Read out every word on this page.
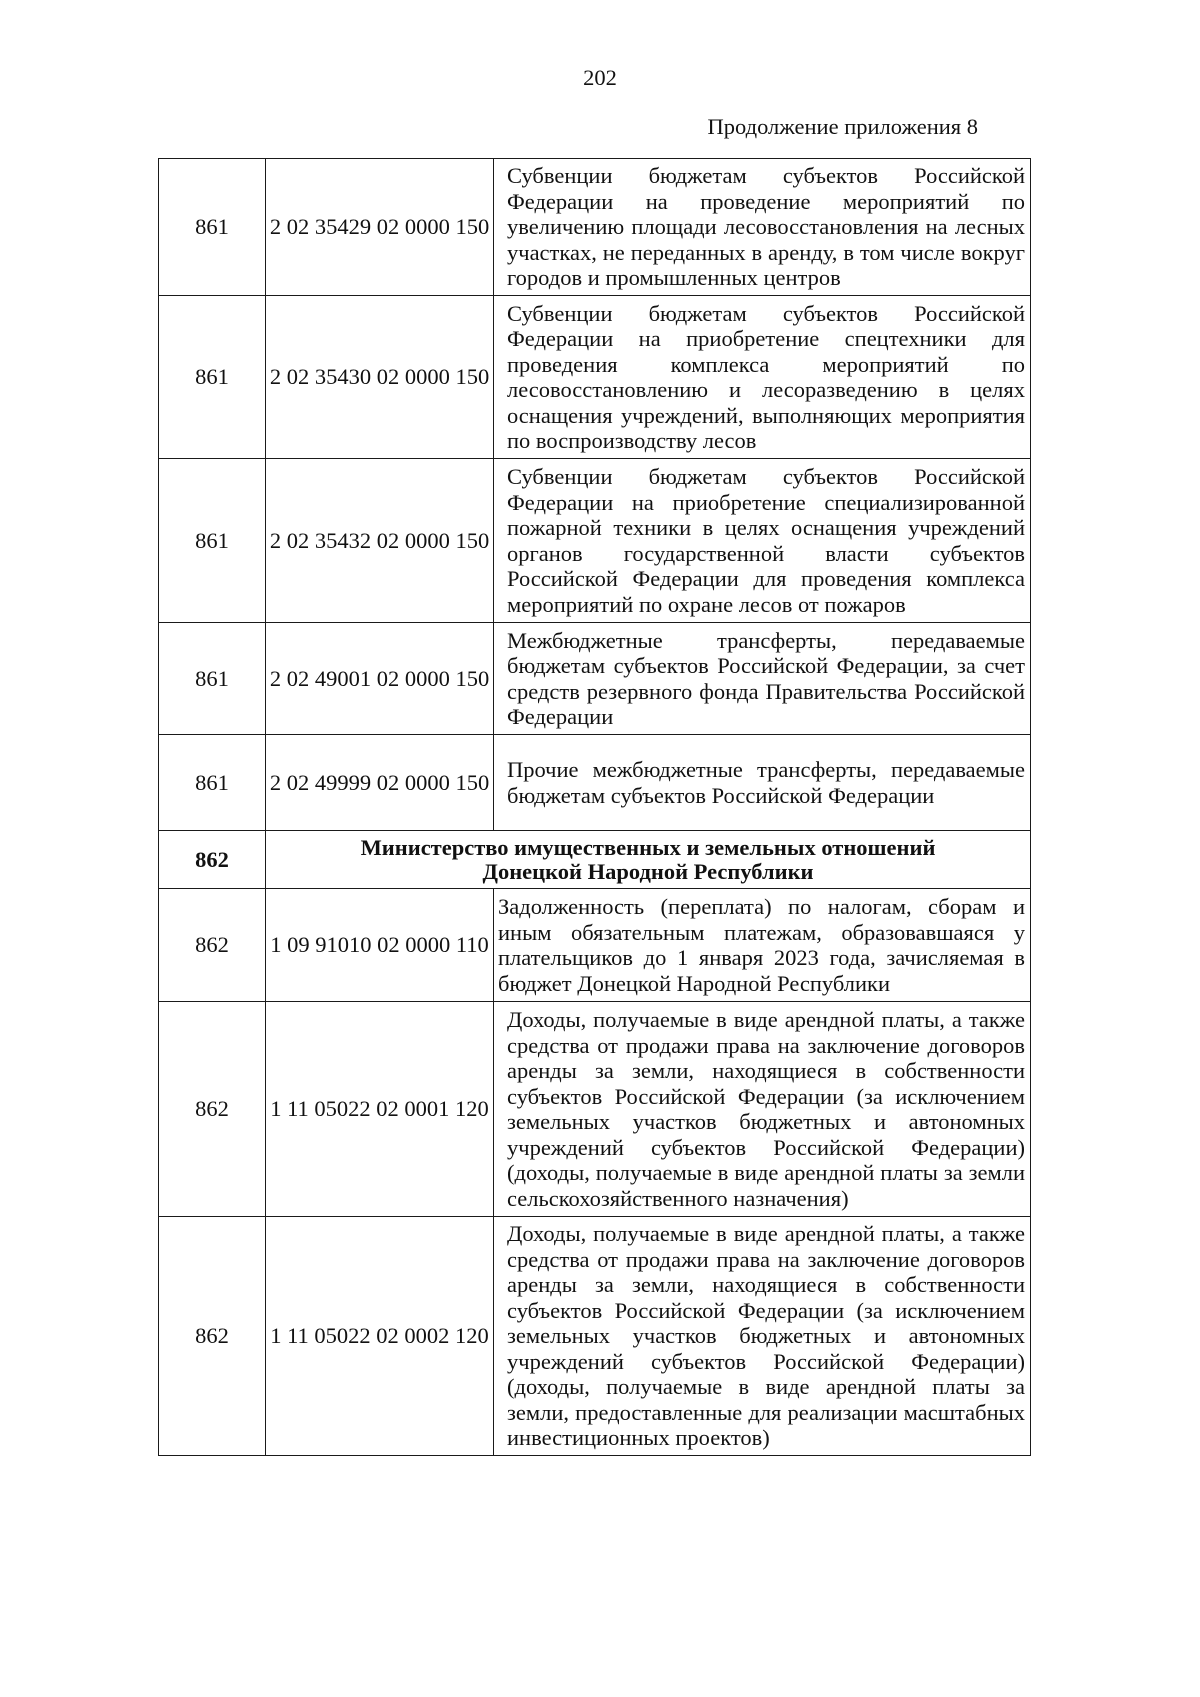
202
Продолжение приложения 8
861	2 02 35429 02 0000 150	Субвенции бюджетам субъектов Российской Федерации на проведение мероприятий по увеличению площади лесовосстановления на лесных участках, не переданных в аренду, в том числе вокруг городов и промышленных центров
861	2 02 35430 02 0000 150	Субвенции бюджетам субъектов Российской Федерации на приобретение спецтехники для проведения комплекса мероприятий по лесовосстановлению и лесоразведению в целях оснащения учреждений, выполняющих мероприятия по воспроизводству лесов
861	2 02 35432 02 0000 150	Субвенции бюджетам субъектов Российской Федерации на приобретение специализированной пожарной техники в целях оснащения учреждений органов государственной власти субъектов Российской Федерации для проведения комплекса мероприятий по охране лесов от пожаров
861	2 02 49001 02 0000 150	Межбюджетные трансферты, передаваемые бюджетам субъектов Российской Федерации, за счет средств резервного фонда Правительства Российской Федерации
861	2 02 49999 02 0000 150	Прочие межбюджетные трансферты, передаваемые бюджетам субъектов Российской Федерации
862	Министерство имущественных и земельных отношений
Донецкой Народной Республики	

862	1 09 91010 02 0000 110	Задолженность (переплата) по налогам, сборам и иным обязательным платежам, образовавшаяся у плательщиков до 1 января 2023 года, зачисляемая в бюджет Донецкой Народной Республики
862	1 11 05022 02 0001 120	Доходы, получаемые в виде арендной платы, а также средства от продажи права на заключение договоров аренды за земли, находящиеся в собственности субъектов Российской Федерации (за исключением земельных участков бюджетных и автономных учреждений субъектов Российской Федерации) (доходы, получаемые в виде арендной платы за земли сельскохозяйственного назначения)
862	1 11 05022 02 0002 120	Доходы, получаемые в виде арендной платы, а также средства от продажи права на заключение договоров аренды за земли, находящиеся в собственности субъектов Российской Федерации (за исключением земельных участков бюджетных и автономных учреждений субъектов Российской Федерации) (доходы, получаемые в виде арендной платы за земли, предоставленные для реализации масштабных инвестиционных проектов)
